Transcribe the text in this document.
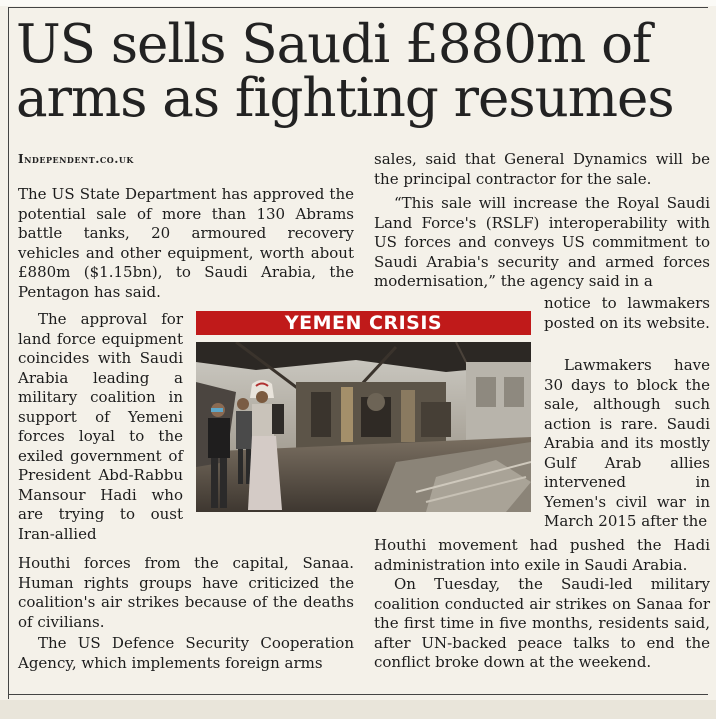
US sells Saudi £880m of arms as fighting resumes
Independent.co.uk

The US State Department has approved the potential sale of more than 130 Abrams battle tanks, 20 armoured recovery vehicles and other equipment, worth about £880m ($1.15bn), to Saudi Arabia, the Pentagon has said.

The approval for land force equipment coincides with Saudi Arabia leading a military coalition in support of Yemeni forces loyal to the exiled government of President Abd-Rabbu Mansour Hadi who are trying to oust Iran-allied

Houthi forces from the capital, Sanaa. Human rights groups have criticized the coalition's air strikes because of the deaths of civilians.

The US Defence Security Cooperation Agency, which implements foreign arms

sales, said that General Dynamics will be the principal contractor for the sale.

“This sale will increase the Royal Saudi Land Force's (RSLF) interoperability with US forces and conveys US commitment to Saudi Arabia's security and armed forces modernisation,” the agency said in a

notice to lawmakers posted on its website.

Lawmakers have 30 days to block the sale, although such action is rare. Saudi Arabia and its mostly Gulf Arab allies intervened in Yemen's civil war in March 2015 after the

Houthi movement had pushed the Hadi administration into exile in Saudi Arabia.

On Tuesday, the Saudi-led military coalition conducted air strikes on Sanaa for the first time in five months, residents said, after UN-backed peace talks to end the conflict broke down at the weekend.

YEMEN CRISIS
